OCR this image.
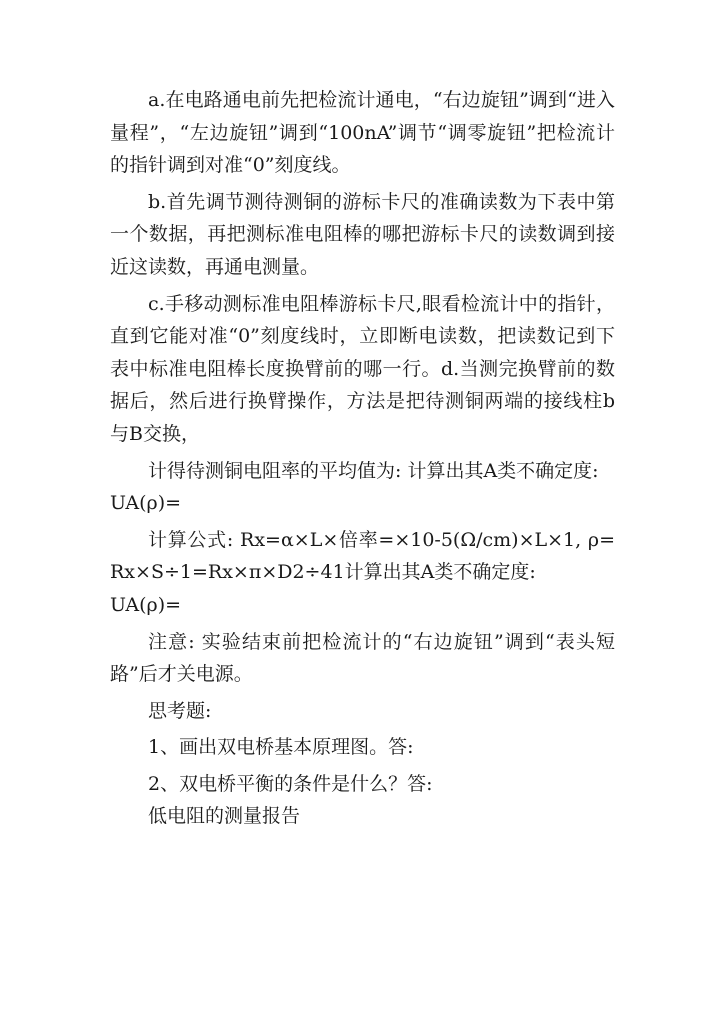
a.在电路通电前先把检流计通电，“右边旋钮”调到“进入量程”，“左边旋钮”调到“100nA”调节“调零旋钮”把检流计的指针调到对准“0”刻度线。

b.首先调节测待测铜的游标卡尺的准确读数为下表中第一个数据，再把测标准电阻棒的哪把游标卡尺的读数调到接近这读数，再通电测量。

c.手移动测标准电阻棒游标卡尺,眼看检流计中的指针，直到它能对准“0”刻度线时，立即断电读数，把读数记到下表中标准电阻棒长度换臂前的哪一行。d.当测完换臂前的数据后，然后进行换臂操作，方法是把待测铜两端的接线柱b与B交换，

计得待测铜电阻率的平均值为: 计算出其A类不确定度:

UA(ρ)=

计算公式: Rx=α×L×倍率=×10-5(Ω/cm)×L×1, ρ=Rx×S÷1=Rx×π×D2÷41计算出其A类不确定度:

UA(ρ)=

注意: 实验结束前把检流计的“右边旋钮”调到“表头短路”后才关电源。

思考题:

1、画出双电桥基本原理图。答:

2、双电桥平衡的条件是什么？答:

低电阻的测量报告
